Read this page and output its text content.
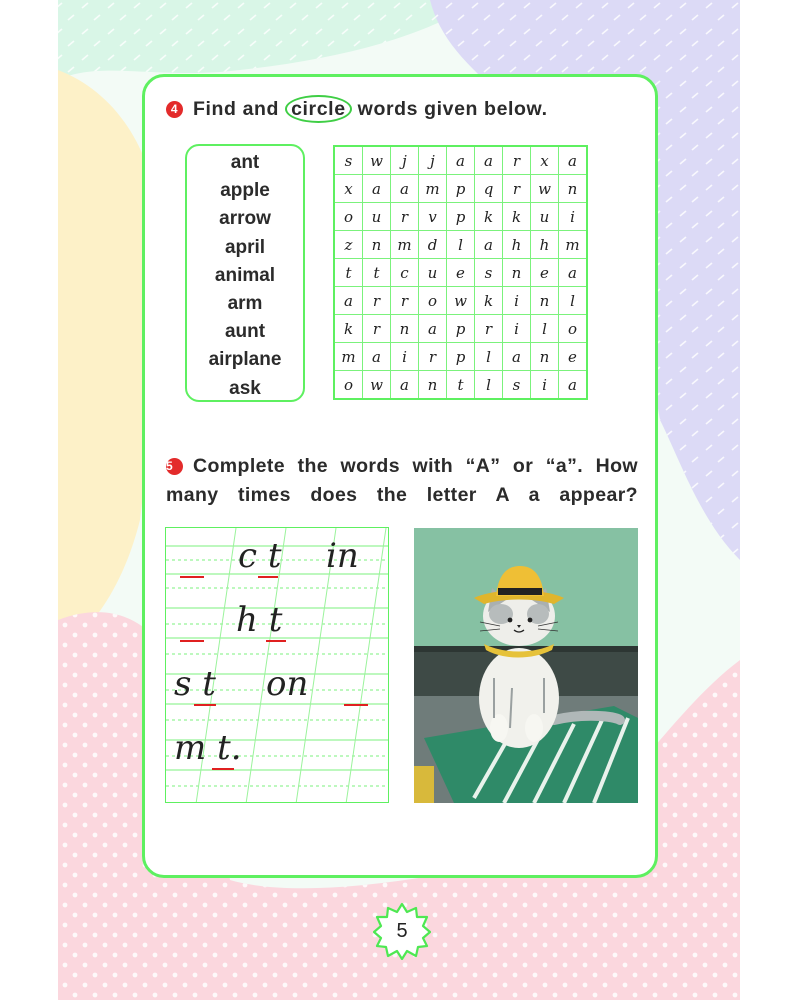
4 Find and circle words given below.
ant
apple
arrow
april
animal
arm
aunt
airplane
ask
s	w	j	j	a	a	r	x	a
x	a	a	m	p	q	r	w	n
o	u	r	v	p	k	k	u	i
z	n	m	d	l	a	h	h	m
t	t	c	u	e	s	n	e	a
a	r	r	o	w	k	i	n	l
k	r	n	a	p	r	i	l	o
m	a	i	r	p	l	a	n	e
o	w	a	n	t	l	s	i	a
5 Complete the words with “A” or “a”. How
many times does the letter A a appear?
c t in
h t
s t on
m t.
5
